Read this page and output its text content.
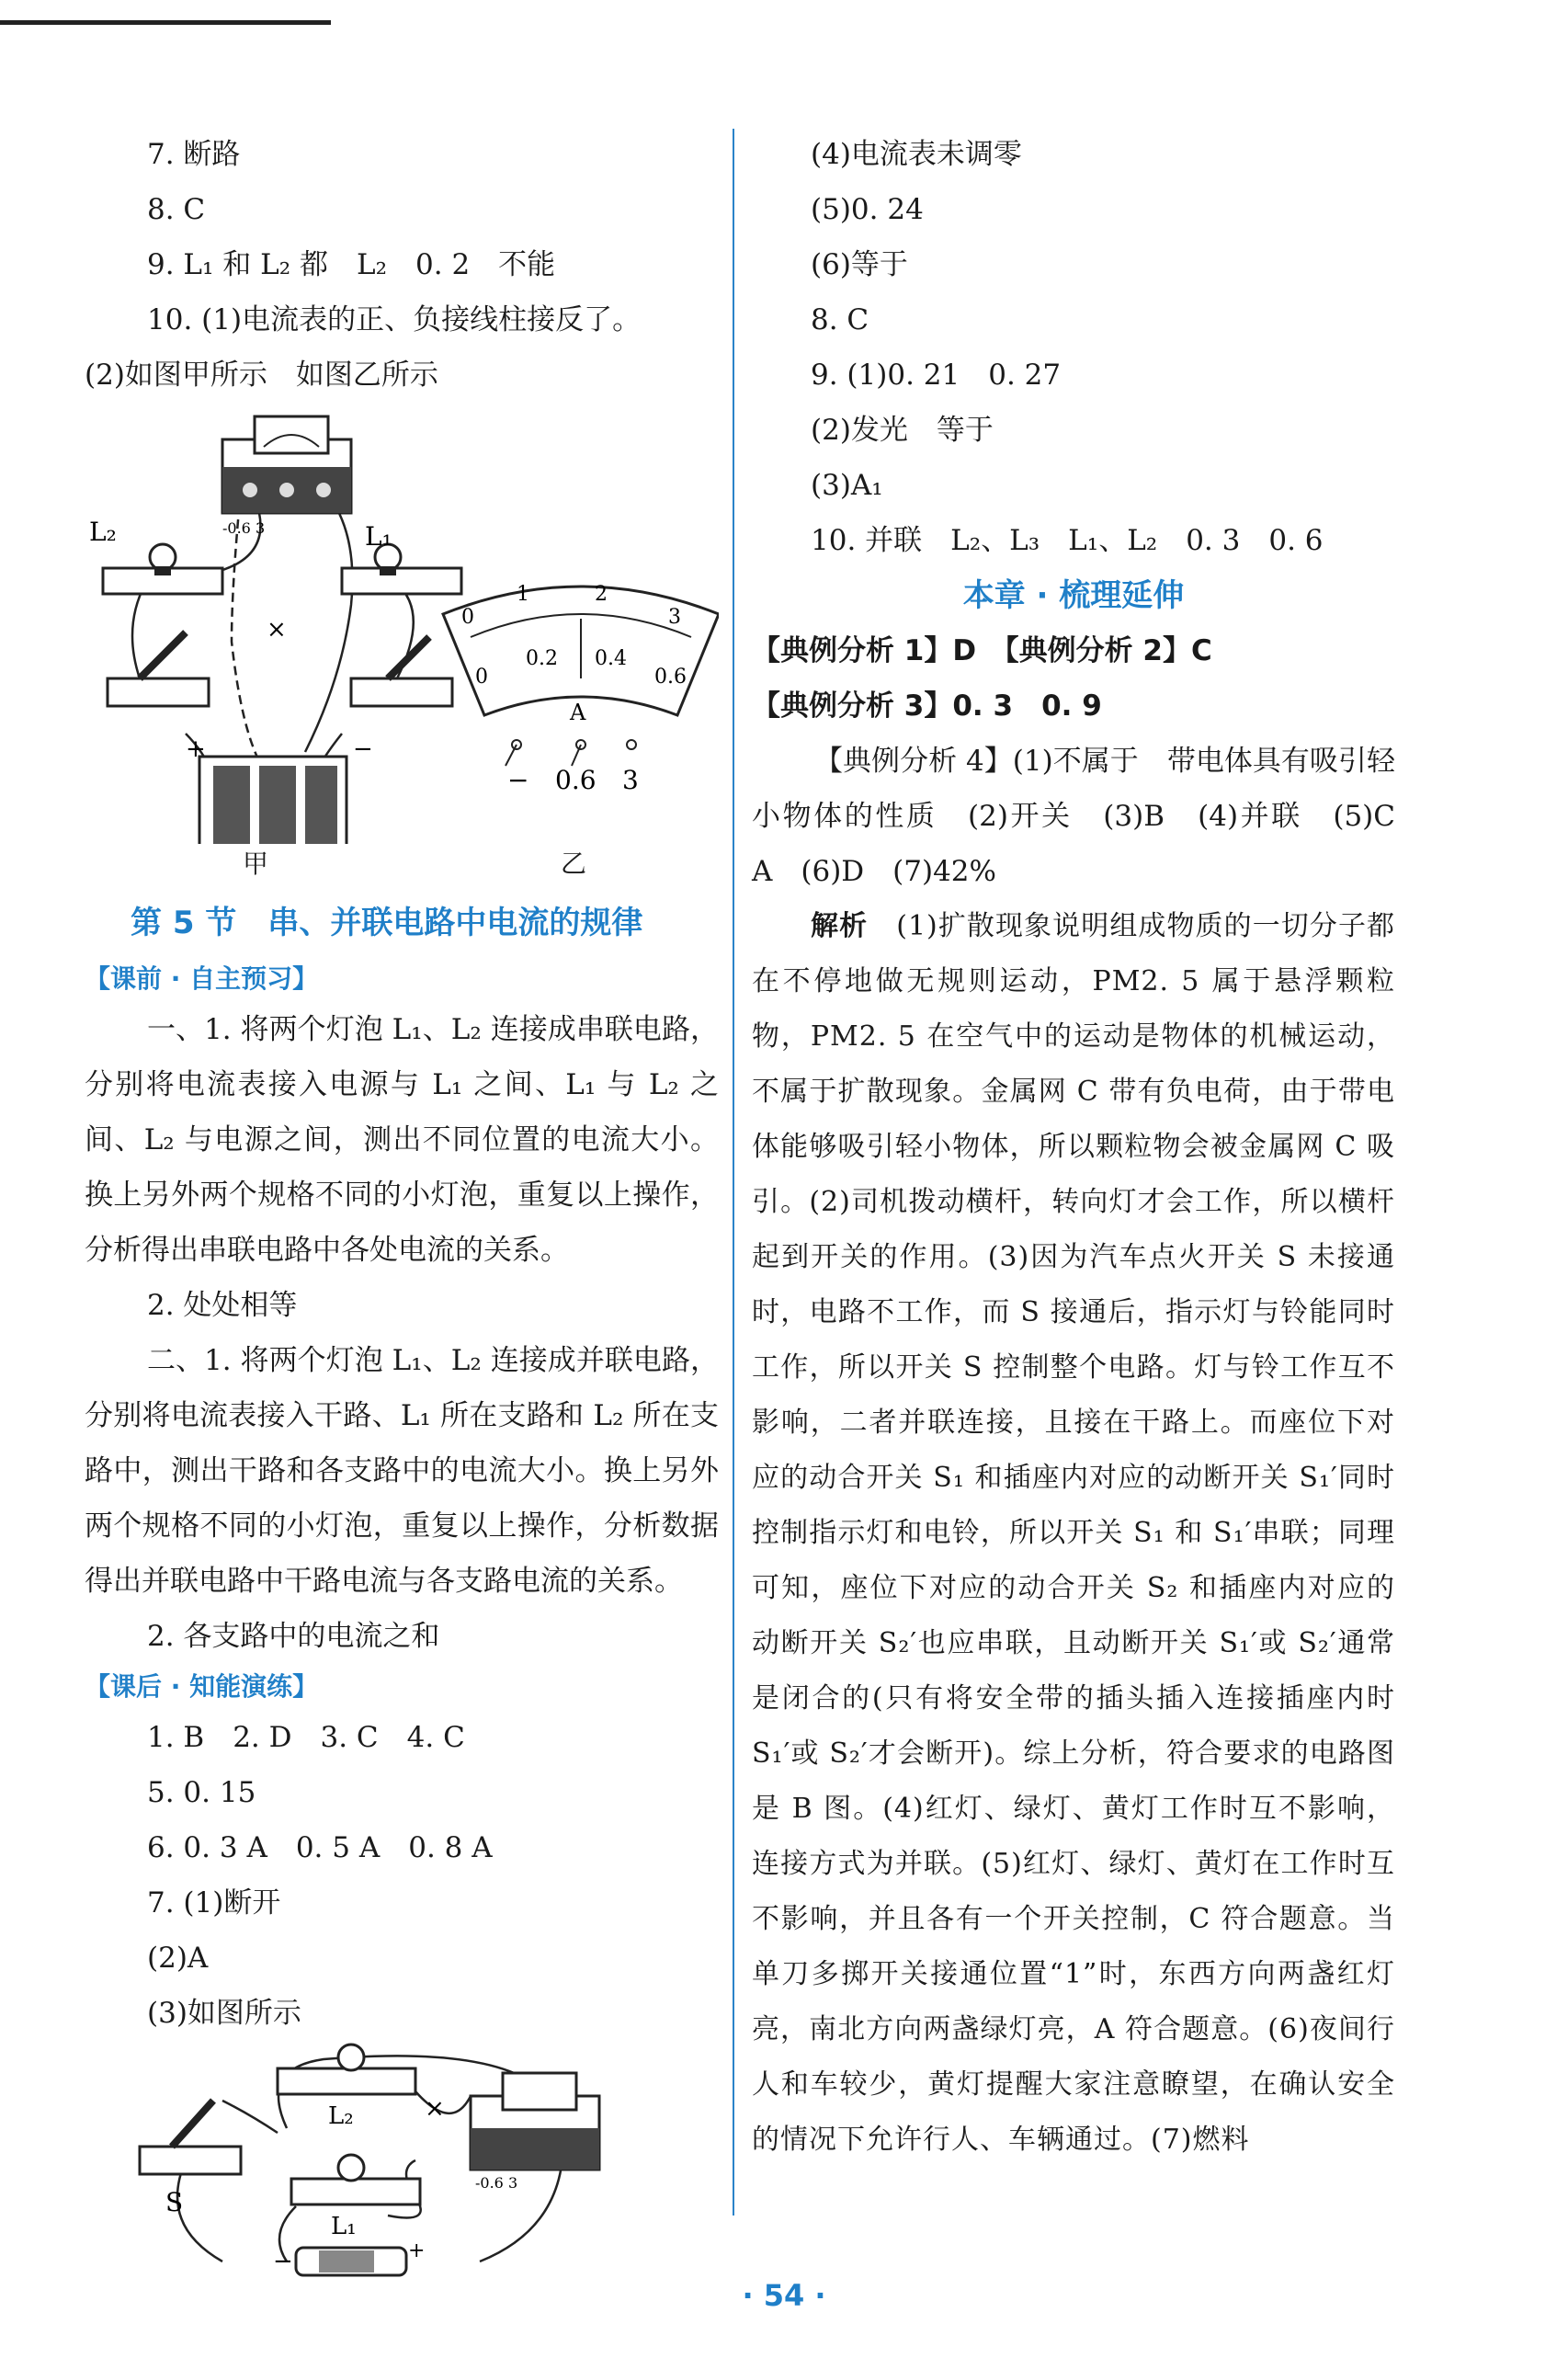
7. 断路
8. C
9. L₁ 和 L₂ 都　L₂　0. 2　不能
10. (1)电流表的正、负接线柱接反了。
(2)如图甲所示　如图乙所示
L₂	L₁
-0.6 3
×
+	−
0
1	2
3
0
0.2 0.4
0.6
A
− 0.6 3
甲	乙
第 5 节　串、并联电路中电流的规律
【课前 · 自主预习】
一、1. 将两个灯泡 L₁、L₂ 连接成串联电路，分别将电流表接入电源与 L₁ 之间、L₁ 与 L₂ 之间、L₂ 与电源之间，测出不同位置的电流大小。换上另外两个规格不同的小灯泡，重复以上操作，分析得出串联电路中各处电流的关系。
2. 处处相等
二、1. 将两个灯泡 L₁、L₂ 连接成并联电路，分别将电流表接入干路、L₁ 所在支路和 L₂ 所在支路中，测出干路和各支路中的电流大小。换上另外两个规格不同的小灯泡，重复以上操作，分析数据得出并联电路中干路电流与各支路电流的关系。
2. 各支路中的电流之和
【课后 · 知能演练】
1. B　2. D　3. C　4. C
5. 0. 15
6. 0. 3 A　0. 5 A　0. 8 A
7. (1)断开
(2)A
(3)如图所示
S
L₂	×
L₁
-0.6 3
−	+
(4)电流表未调零
(5)0. 24
(6)等于
8. C
9. (1)0. 21　0. 27
(2)发光　等于
(3)A₁
10. 并联　L₂、L₃　L₁、L₂　0. 3　0. 6
本章 · 梳理延伸
【典例分析 1】D　【典例分析 2】C
【典例分析 3】0. 3　0. 9
【典例分析 4】(1)不属于　带电体具有吸引轻小物体的性质　(2)开关　(3)B　(4)并联　(5)C　A　(6)D　(7)42%
解析　 (1)扩散现象说明组成物质的一切分子都在不停地做无规则运动，PM2. 5 属于悬浮颗粒物，PM2. 5 在空气中的运动是物体的机械运动，不属于扩散现象。金属网 C 带有负电荷，由于带电体能够吸引轻小物体，所以颗粒物会被金属网 C 吸引。(2)司机拨动横杆，转向灯才会工作，所以横杆起到开关的作用。(3)因为汽车点火开关 S 未接通时，电路不工作，而 S 接通后，指示灯与铃能同时工作，所以开关 S 控制整个电路。灯与铃工作互不影响，二者并联连接，且接在干路上。而座位下对应的动合开关 S₁ 和插座内对应的动断开关 S₁′同时控制指示灯和电铃，所以开关 S₁ 和 S₁′串联；同理可知，座位下对应的动合开关 S₂ 和插座内对应的动断开关 S₂′也应串联，且动断开关 S₁′或 S₂′通常是闭合的(只有将安全带的插头插入连接插座内时 S₁′或 S₂′才会断开)。综上分析，符合要求的电路图是 B 图。(4)红灯、绿灯、黄灯工作时互不影响，连接方式为并联。(5)红灯、绿灯、黄灯在工作时互不影响，并且各有一个开关控制，C 符合题意。当单刀多掷开关接通位置“1”时，东西方向两盏红灯亮，南北方向两盏绿灯亮，A 符合题意。(6)夜间行人和车较少，黄灯提醒大家注意瞭望，在确认安全的情况下允许行人、车辆通过。(7)燃料
· 54 ·
